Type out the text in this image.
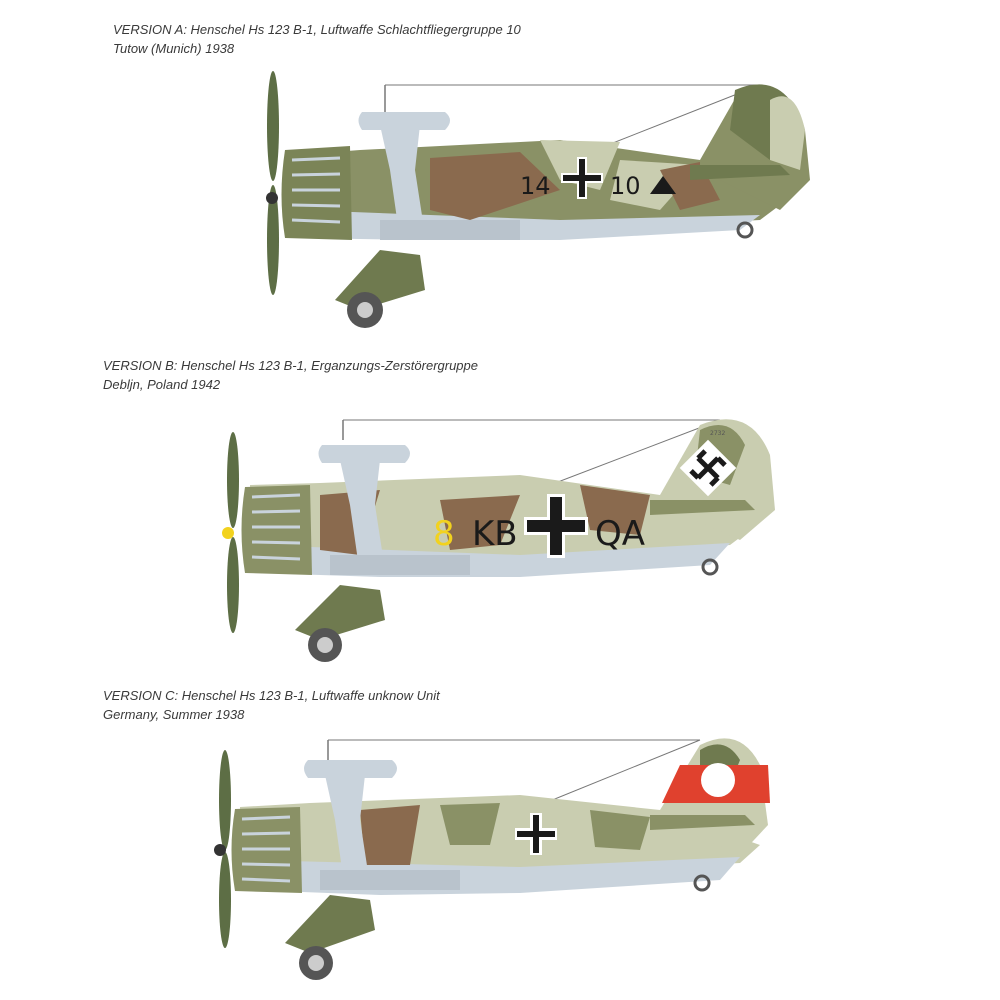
VERSION A: Henschel Hs 123 B-1, Luftwaffe Schlachtfliegergruppe 10
Tutow (Munich) 1938
14 10
VERSION B: Henschel Hs 123 B-1, Erganzungs-Zerstörergruppe
Debljn, Poland 1942
2732
8 KB QA
VERSION C: Henschel Hs 123 B-1, Luftwaffe unknow Unit
Germany, Summer 1938
